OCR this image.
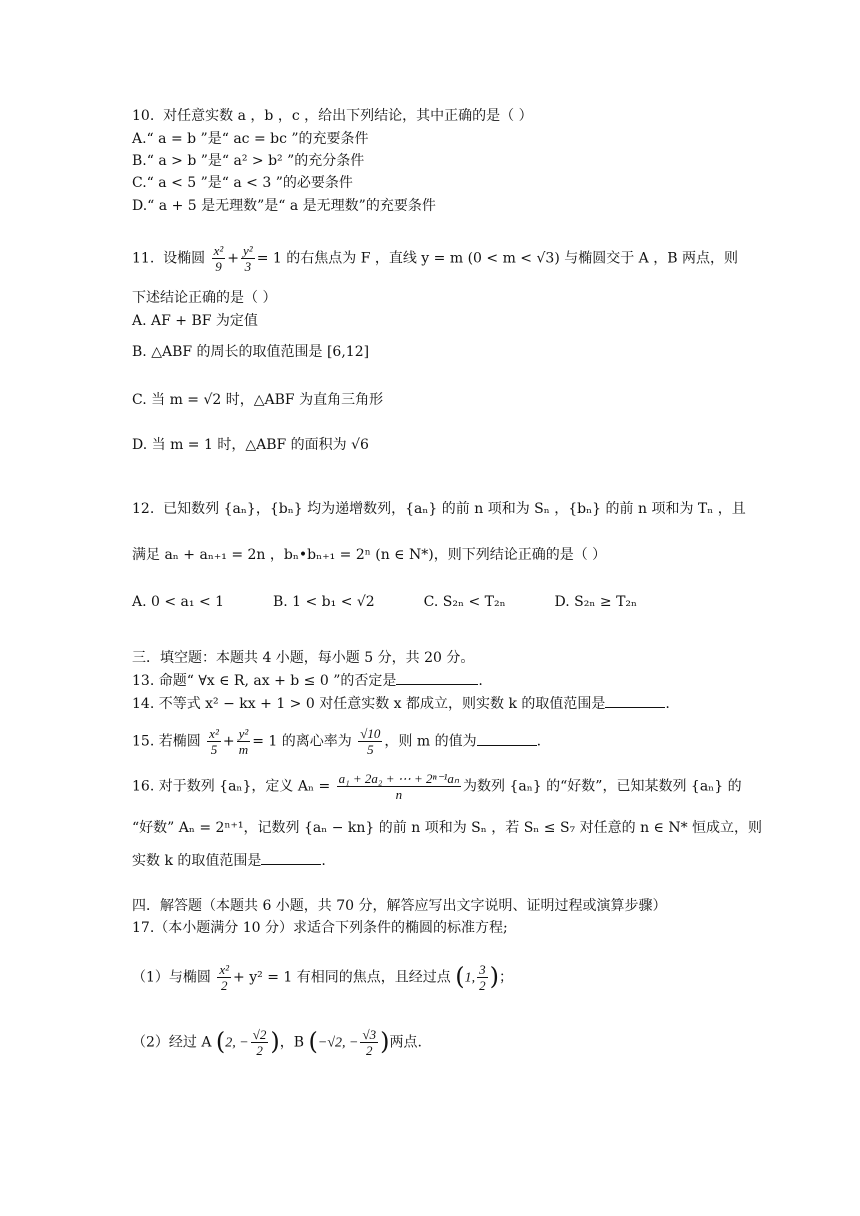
10. 对任意实数 a ，b ，c ，给出下列结论，其中正确的是（ ）
A.“ a = b ”是“ ac = bc ”的充要条件
B.“ a > b ”是“ a² > b² ”的充分条件
C.“ a < 5 ”是“ a < 3 ”的必要条件
D.“ a + 5 是无理数”是“ a 是无理数”的充要条件
11. 设椭圆 $\frac{\text{x²}}{9} + \frac{\text{y²}}{3} = 1$ 的右焦点为 F ，直线 y = m (0 < m < √3) 与椭圆交于 A ，B 两点，则
下述结论正确的是（ ）
A. AF + BF 为定值
B. △ABF 的周长的取值范围是 [6,12]
C. 当 m = √2 时，△ABF 为直角三角形
D. 当 m = 1 时，△ABF 的面积为 √6
12. 已知数列 {aₙ}，{bₙ} 均为递增数列，{aₙ} 的前 n 项和为 Sₙ ，{bₙ} 的前 n 项和为 Tₙ ，且
满足 aₙ + aₙ₊₁ = 2n ，bₙ•bₙ₊₁ = 2ⁿ (n ∈ N*)，则下列结论正确的是（ ）
A. 0 < a₁ < 1	B. 1 < b₁ < √2	C. S₂ₙ < T₂ₙ	D. S₂ₙ ≥ T₂ₙ
三．填空题：本题共 4 小题，每小题 5 分，共 20 分。
13. 命题“ ∀x ∈ R, ax + b ≤ 0 ”的否定是	.
14. 不等式 x² − kx + 1 > 0 对任意实数 x 都成立，则实数 k 的取值范围是	.
15. 若椭圆 $\frac{\text{x²}}{5} + \frac{\text{y²}}{m} = 1$ 的离心率为 $\frac{√10}{5}$ ，则 m 的值为	.
16. 对于数列 {aₙ}，定义 $A_n = \frac{\text{a₁ + 2a₂ + ⋯ + 2ⁿ⁻¹aₙ}}{n}$ 为数列 {aₙ} 的“好数”，已知某数列 {aₙ} 的
“好数” Aₙ = 2ⁿ⁺¹，记数列 {aₙ − kn} 的前 n 项和为 Sₙ ，若 Sₙ ≤ S₇ 对任意的 n ∈ N* 恒成立，则
实数 k 的取值范围是	.
四．解答题（本题共 6 小题，共 70 分，解答应写出文字说明、证明过程或演算步骤）
17.（本小题满分 10 分）求适合下列条件的椭圆的标准方程;
（1）与椭圆 $\frac{\text{x²}}{2} + y^2 = 1$ 有相同的焦点，且经过点 (1, $\frac{3}{2}$ )；
（2）经过 A (2, − $\frac{√2}{2}$ )，B (−√2, − $\frac{√3}{2}$ )两点.
